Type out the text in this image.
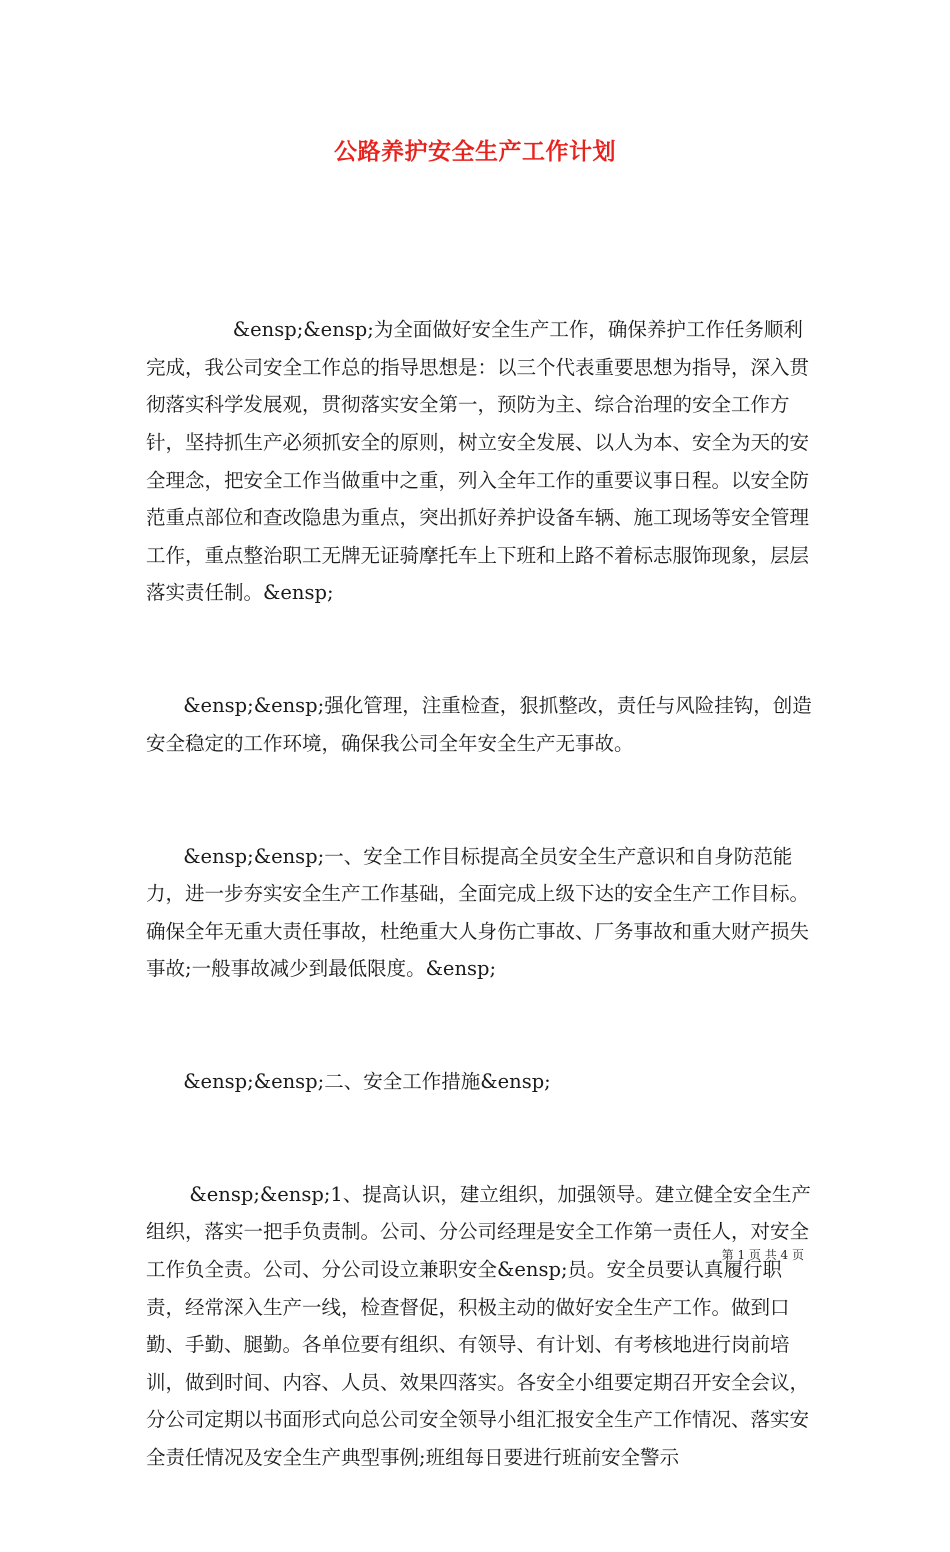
公路养护安全生产工作计划

&ensp;&ensp;为全面做好安全生产工作，确保养护工作任务顺利完成，我公司安全工作总的指导思想是：以三个代表重要思想为指导，深入贯彻落实科学发展观，贯彻落实安全第一，预防为主、综合治理的安全工作方针，坚持抓生产必须抓安全的原则，树立安全发展、以人为本、安全为天的安全理念，把安全工作当做重中之重，列入全年工作的重要议事日程。以安全防范重点部位和查改隐患为重点，突出抓好养护设备车辆、施工现场等安全管理工作，重点整治职工无牌无证骑摩托车上下班和上路不着标志服饰现象，层层落实责任制。&ensp;

&ensp;&ensp;强化管理，注重检查，狠抓整改，责任与风险挂钩，创造安全稳定的工作环境，确保我公司全年安全生产无事故。

&ensp;&ensp;一、安全工作目标提高全员安全生产意识和自身防范能力，进一步夯实安全生产工作基础，全面完成上级下达的安全生产工作目标。确保全年无重大责任事故，杜绝重大人身伤亡事故、厂务事故和重大财产损失事故;一般事故减少到最低限度。&ensp;

&ensp;&ensp;二、安全工作措施&ensp;

&ensp;&ensp;1、提高认识，建立组织，加强领导。建立健全安全生产组织，落实一把手负责制。公司、分公司经理是安全工作第一责任人，对安全工作负全责。公司、分公司设立兼职安全&ensp;员。安全员要认真履行职责，经常深入生产一线，检查督促，积极主动的做好安全生产工作。做到口勤、手勤、腿勤。各单位要有组织、有领导、有计划、有考核地进行岗前培训，做到时间、内容、人员、效果四落实。各安全小组要定期召开安全会议，分公司定期以书面形式向总公司安全领导小组汇报安全生产工作情况、落实安全责任情况及安全生产典型事例;班组每日要进行班前安全警示

第 1 页 共 4 页
